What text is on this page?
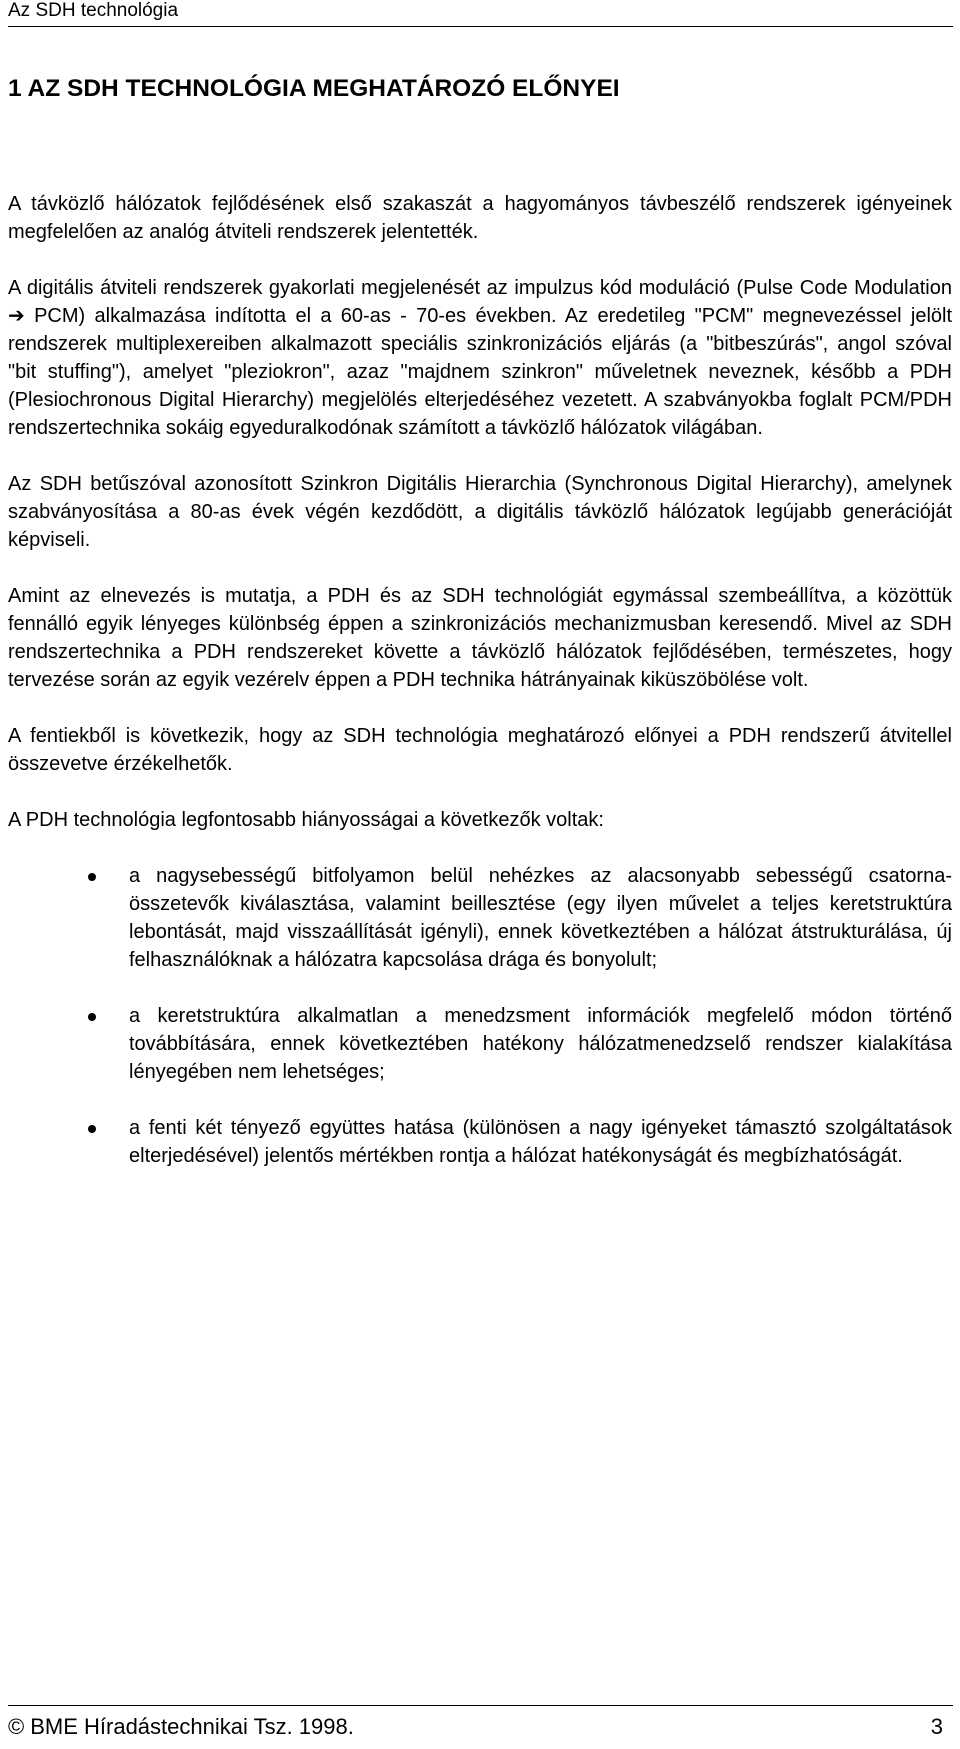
Az SDH technológia
1 AZ SDH TECHNOLÓGIA MEGHATÁROZÓ ELŐNYEI

A távközlő hálózatok fejlődésének első szakaszát a hagyományos távbeszélő rendszerek igényeinek megfelelően az analóg átviteli rendszerek jelentették.

A digitális átviteli rendszerek gyakorlati megjelenését az impulzus kód moduláció (Pulse Code Modulation ➔ PCM) alkalmazása indította el a 60-as - 70-es években. Az eredetileg "PCM" megnevezéssel jelölt rendszerek multiplexereiben alkalmazott speciális szinkronizációs eljárás (a "bitbeszúrás", angol szóval "bit stuffing"), amelyet "pleziokron", azaz "majdnem szinkron" műveletnek neveznek, később a PDH (Plesiochronous Digital Hierarchy) megjelölés elterjedéséhez vezetett. A szabványokba foglalt PCM/PDH rendszertechnika sokáig egyeduralkodónak számított a távközlő hálózatok világában.

Az SDH betűszóval azonosított Szinkron Digitális Hierarchia (Synchronous Digital Hierarchy), amelynek szabványosítása a 80-as évek végén kezdődött, a digitális távközlő hálózatok legújabb generációját képviseli.

Amint az elnevezés is mutatja, a PDH és az SDH technológiát egymással szembeállítva, a közöttük fennálló egyik lényeges különbség éppen a szinkronizációs mechanizmusban keresendő. Mivel az SDH rendszertechnika a PDH rendszereket követte a távközlő hálózatok fejlődésében, természetes, hogy tervezése során az egyik vezérelv éppen a PDH technika hátrányainak kiküszöbölése volt.

A fentiekből is következik, hogy az SDH technológia meghatározó előnyei a PDH rendszerű átvitellel összevetve érzékelhetők.

A PDH technológia legfontosabb hiányosságai a következők voltak:

a nagysebességű bitfolyamon belül nehézkes az alacsonyabb sebességű csatorna-összetevők kiválasztása, valamint beillesztése (egy ilyen művelet a teljes keretstruktúra lebontását, majd visszaállítását igényli), ennek következtében a hálózat átstrukturálása, új felhasználóknak a hálózatra kapcsolása drága és bonyolult;
a keretstruktúra alkalmatlan a menedzsment információk megfelelő módon történő továbbítására, ennek következtében hatékony hálózatmenedzselő rendszer kialakítása lényegében nem lehetséges;
a fenti két tényező együttes hatása (különösen a nagy igényeket támasztó szolgáltatások elterjedésével) jelentős mértékben rontja a hálózat hatékonyságát és megbízhatóságát.
© BME Híradástechnikai Tsz. 1998.	3
